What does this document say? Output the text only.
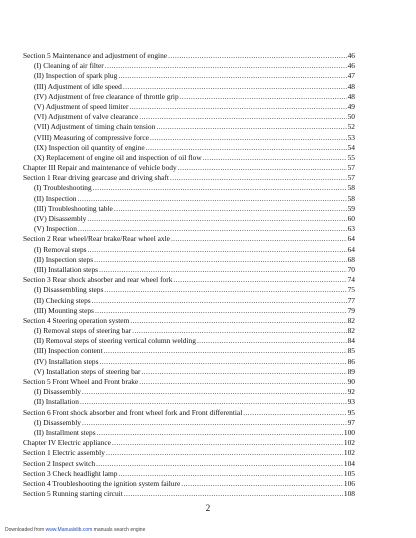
Section 5 Maintenance and adjustment of engine .....	46
(I) Cleaning of air filter .....	46
(II) Inspection of spark plug .....	47
(III) Adjustment of idle speed .....	48
(IV) Adjustment of free clearance of throttle grip .....	48
(V) Adjustment of speed limiter .....	49
(VI) Adjustment of valve clearance .....	50
(VII) Adjustment of timing chain tension .....	52
(VIII) Measuring of compressive force .....	53
(IX) Inspection oil quantity of engine .....	54
(X) Replacement of engine oil and inspection of oil flow .....	55
Chapter III Repair and maintenance of vehicle body .....	57
Section 1 Rear driving gearcase and driving shaft .....	57
(I) Troubleshooting .....	58
(II) Inspection .....	58
(III) Troubleshooting table .....	59
(IV) Disassembly .....	60
(V) Inspection .....	63
Section 2 Rear wheel/Rear brake/Rear wheel axle .....	64
(I) Removal steps .....	64
(II) Inspection steps .....	68
(III) Installation steps .....	70
Section 3 Rear shock absorber and rear wheel fork .....	74
(I) Disassembling steps .....	75
(II) Checking steps .....	77
(III) Mounting steps .....	79
Section 4 Steering operation system .....	82
(I) Removal steps of steering bar .....	82
(II) Removal steps of steering vertical column welding .....	84
(III) Inspection content .....	85
(IV) Installation steps .....	86
(V) Installation steps of steering bar .....	89
Section 5 Front Wheel and Front brake .....	90
(I) Disassembly .....	92
(II) Installation .....	93
Section 6 Front shock absorber and front wheel fork and Front differential .....	95
(I) Disassembly .....	97
(II) Installment steps .....	100
Chapter IV Electric appliance .....	102
Section 1 Electric assembly .....	102
Section 2 Inspect switch .....	104
Section 3 Check headlight lamp .....	105
Section 4 Troubleshooting the ignition system failure .....	106
Section 5 Running starting circuit .....	108
2
Downloaded from www.Manualslib.com manuals search engine
